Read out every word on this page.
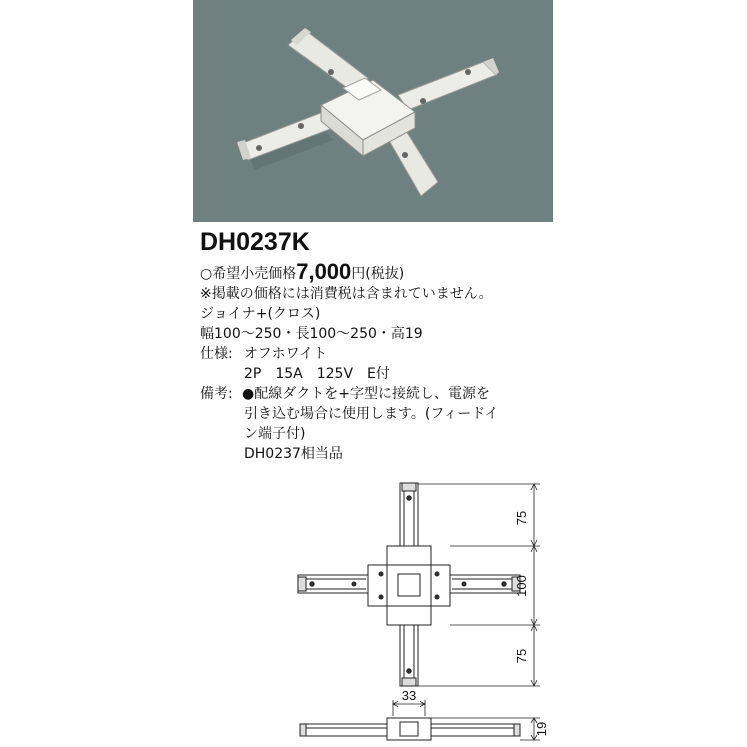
DH0237K
○希望小売価格7,000円(税抜)
※掲載の価格には消費税は含まれていません。
ジョイナ+(クロス)
幅100〜250・長100〜250・高19
仕様: オフホワイト
2P　15A　125V　E付
備考: ●配線ダクトを+字型に接続し、電源を
引き込む場合に使用します。(フィードイ
ン端子付)
DH0237相当品
75
100
75
33
19
